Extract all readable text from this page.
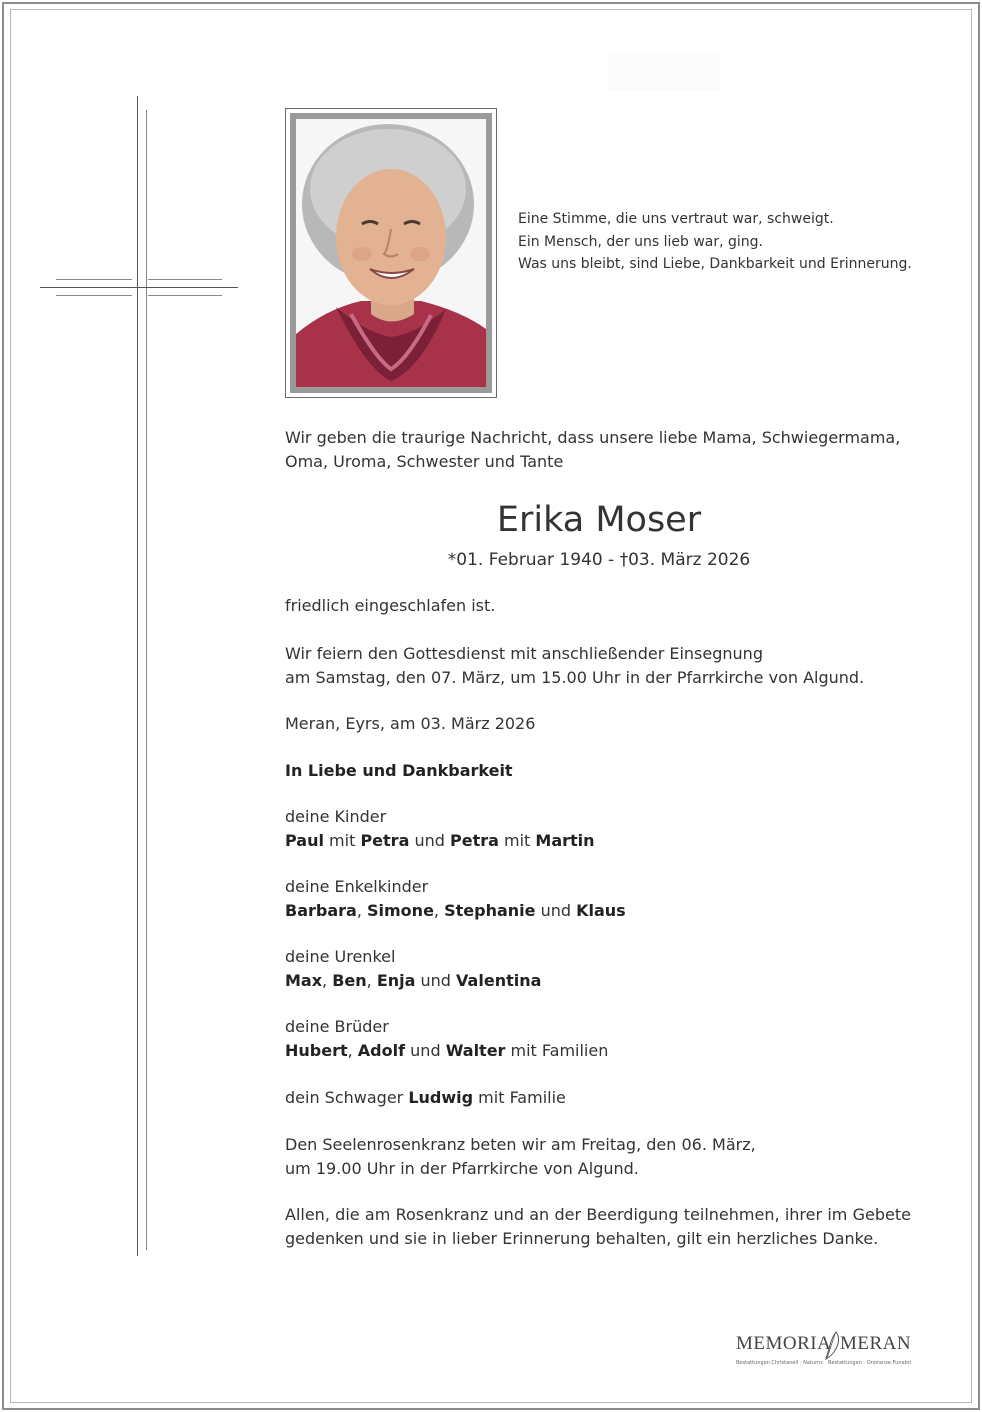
Eine Stimme, die uns vertraut war, schweigt.
Ein Mensch, der uns lieb war, ging.
Was uns bleibt, sind Liebe, Dankbarkeit und Erinnerung.
Wir geben die traurige Nachricht, dass unsere liebe Mama, Schwiegermama,
Oma, Uroma, Schwester und Tante
Erika Moser
*01. Februar 1940 - †03. März 2026
friedlich eingeschlafen ist.
Wir feiern den Gottesdienst mit anschließender Einsegnung
am Samstag, den 07. März, um 15.00 Uhr in der Pfarrkirche von Algund.
Meran, Eyrs, am 03. März 2026
In Liebe und Dankbarkeit
deine Kinder
Paul mit Petra und Petra mit Martin
deine Enkelkinder
Barbara, Simone, Stephanie und Klaus
deine Urenkel
Max, Ben, Enja und Valentina
deine Brüder
Hubert, Adolf und Walter mit Familien
dein Schwager Ludwig mit Familie
Den Seelenrosenkranz beten wir am Freitag, den 06. März,
um 19.00 Uhr in der Pfarrkirche von Algund.
Allen, die am Rosenkranz und an der Beerdigung teilnehmen, ihrer im Gebete gedenken und sie in lieber Erinnerung behalten, gilt ein herzliches Danke.
MEMORIA MERAN
Bestattungen Christanell - Naturns Bestattungen - Onoranze Funebri
